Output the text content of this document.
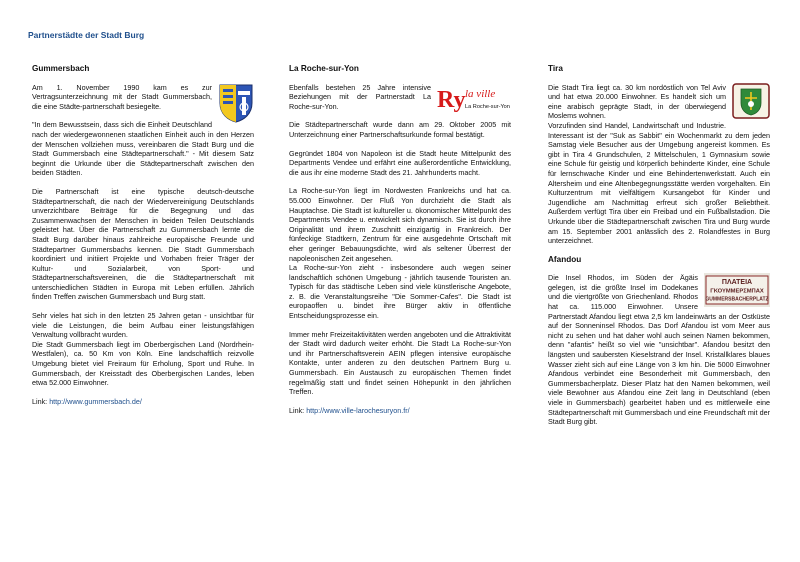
Partnerstädte der Stadt Burg
Gummersbach

Am 1. November 1990 kam es zur Vertragsunterzeichnung mit der Stadt Gummersbach, die eine Städte-partnerschaft besiegelte.

"In dem Bewusstsein, dass sich die Einheit Deutschland nach der wiedergewonnenen staatlichen Einheit auch in den Herzen der Menschen vollziehen muss, vereinbaren die Stadt Burg und die Stadt Gummersbach eine Städtepartnerschaft." - Mit diesem Satz beginnt die Urkunde über die Städtepartnerschaft zwischen den beiden Städten.

Die Partnerschaft ist eine typische deutsch-deutsche Städtepartnerschaft, die nach der Wiedervereinigung Deutschlands unverzichtbare Beiträge für die Begegnung und das Zusammenwachsen der Menschen in beiden Teilen Deutschlands geleistet hat. Über die Partnerschaft zu Gummersbach lernte die Stadt Burg darüber hinaus zahlreiche europäische Freunde und Städtepartner Gummersbachs kennen. Die Stadt Gummersbach koordiniert und initiiert Projekte und Vorhaben freier Träger der Kultur- und Sozialarbeit, von Sport- und Städtepartnerschaftsvereinen, die die Städtepartnerschaft mit unterschiedlichen Städten in Europa mit Leben erfüllen. Jährlich finden Treffen zwischen Gummersbach und Burg statt.

Sehr vieles hat sich in den letzten 25 Jahren getan - unsichtbar für viele die Leistungen, die beim Aufbau einer leistungsfähigen Verwaltung vollbracht wurden.
Die Stadt Gummersbach liegt im Oberbergischen Land (Nordrhein-Westfalen), ca. 50 Km von Köln. Eine landschaftlich reizvolle Umgebung bietet viel Freiraum für Erholung, Sport und Ruhe. In Gummersbach, der Kreisstadt des Oberbergischen Landes, leben etwa 52.000 Einwohner.

Link: http://www.gummersbach.de/

La Roche-sur-Yon
Ry la ville
La Roche-sur-Yon

Ebenfalls bestehen 25 Jahre intensive Beziehungen mit der Partnerstadt La Roche-sur-Yon.

Die Städtepartnerschaft wurde dann am 29. Oktober 2005 mit Unterzeichnung einer Partnerschaftsurkunde formal bestätigt.

Gegründet 1804 von Napoleon ist die Stadt heute Mittelpunkt des Departments Vendee und erfährt eine außerordentliche Entwicklung, die aus ihr eine moderne Stadt des 21. Jahrhunderts macht.

La Roche-sur-Yon liegt im Nordwesten Frankreichs und hat ca. 55.000 Einwohner. Der Fluß Yon durchzieht die Stadt als Hauptachse. Die Stadt ist kultureller u. ökonomischer Mittelpunkt des Departments Vendee u. entwickelt sich dynamisch. Sie ist durch ihre Originalität und ihrem Zuschnitt einzigartig in Frankreich. Der fünfeckige Stadtkern, Zentrum für eine ausgedehnte Ortschaft mit eher geringer Bebauungsdichte, wird als seltener Überrest der napoleonischen Zeit angesehen.
La Roche-sur-Yon zieht - insbesondere auch wegen seiner landschaftlich schönen Umgebung - jährlich tausende Touristen an. Typisch für das städtische Leben sind viele künstlerische Angebote, z. B. die Veranstaltungsreihe "Die Sommer-Cafes". Die Stadt ist europaoffen u. bindet ihre Bürger aktiv in öffentliche Entscheidungsprozesse ein.

Immer mehr Freizeitaktivitäten werden angeboten und die Attraktivität der Stadt wird dadurch weiter erhöht. Die Stadt La Roche-sur-Yon und ihr Partnerschaftsverein AEIN pflegen intensive europäische Kontakte, unter anderen zu den deutschen Partnern Burg u. Gummersbach. Ein Austausch zu europäischen Themen findet regelmäßig statt und findet seinen Höhepunkt in den jährlichen Treffen.

Link: http://www.ville-larochesuryon.fr/

Tira

Die Stadt Tira liegt ca. 30 km nordöstlich von Tel Aviv und hat etwa 20.000 Einwohner. Es handelt sich um eine arabisch geprägte Stadt, in der überwiegend Moslems wohnen.
Vorzufinden sind Handel, Landwirtschaft und Industrie. Interessant ist der "Suk as Sabbit" ein Wochenmarkt zu dem jeden Samstag viele Besucher aus der Umgebung angereist kommen. Es gibt in Tira 4 Grundschulen, 2 Mittelschulen, 1 Gymnasium sowie eine Schule für geistig und körperlich behinderte Kinder, eine Schule für lernschwache Kinder und eine Behindertenwerkstatt. Auch ein Altersheim und eine Altenbegegnungsstätte werden vorgehalten. Ein Kulturzentrum mit vielfältigem Kursangebot für Kinder und Jugendliche am Nachmittag erfreut sich großer Beliebtheit. Außerdem verfügt Tira über ein Freibad und ein Fußballstadion. Die Urkunde über die Städtepartnerschaft zwischen Tira und Burg wurde am 15. September 2001 anlässlich des 2. Rolandfestes in Burg unterzeichnet.

Afandou
ΠΛΑΤΕΙΑ
ΓΚΟΥΜΜΕΡΣΜΠΑΧ
GUMMERSBACHERPLATZ

Die Insel Rhodos, im Süden der Ägäis gelegen, ist die größte Insel im Dodekanes und die viertgrößte von Griechenland. Rhodos hat ca. 115.000 Einwohner. Unsere Partnerstadt Afandou liegt etwa 2,5 km landeinwärts an der Ostküste auf der Sonneninsel Rhodos. Das Dorf Afandou ist vom Meer aus nicht zu sehen und hat daher wohl auch seinen Namen bekommen, denn "afantis" heißt so viel wie "unsichtbar". Afandou besitzt den längsten und saubersten Kieselstrand der Insel. Kristallklares blaues Wasser zieht sich auf eine Länge von 3 km hin. Die 5000 Einwohner Afandous verbindet eine Besonderheit mit Gummersbach, den Gummersbacherplatz. Dieser Platz hat den Namen bekommen, weil viele Bewohner aus Afandou eine Zeit lang in Deutschland (eben viele in Gummersbach) gearbeitet haben und es mittlerweile eine Städtepartnerschaft mit Gummersbach und eine Freundschaft mit der Stadt Burg gibt.
